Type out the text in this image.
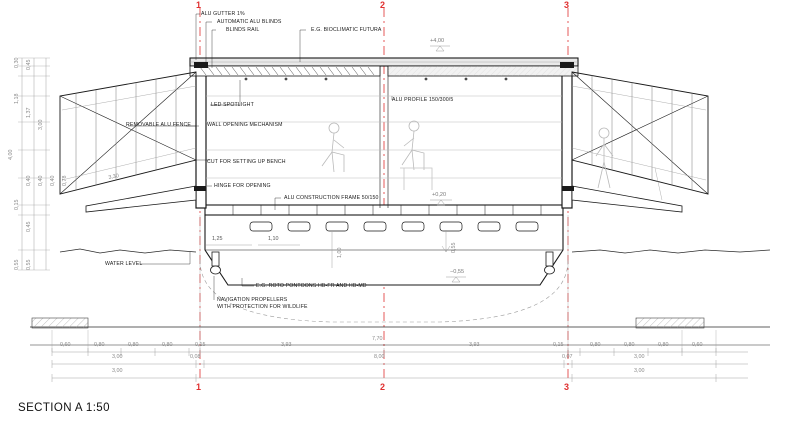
ALU GUTTER 1%
AUTOMATIC ALU BLINDS
BLINDS RAIL	E.G. BIOCLIMATIC FUTURA
LED SPOTLIGHT
ALU PROFILE 150/300/5
REMOVABLE ALU FENCE	WALL OPENING MECHANISM
CUT FOR SETTING UP BENCH
HINGE FOR OPENING
ALU CONSTRUCTION FRAME 50/150
WATER LEVEL
E.G. ROTO PONTOONS HB-FR AND HB-MD
NAVIGATION PROPELLERS
WITH PROTECTION FOR WILDLIFE
+4,00
+0,20
−0,55
1,25	1,10
1,00	0,55
0,30 0,45
1,18
1,37
3,00
4,00
0,40 0,40 0,40 0,78
0,15
0,45
0,55 0,55
3,30
0,60	0,80	0,80	0,80	0,15	3,93
7,70
3,93	0,15	0,80	0,80	0,80	0,60
3,00	0,08	8,00	0,07	3,00
3,00	3,00
1	2	3
1	2	3
SECTION A 1:50
